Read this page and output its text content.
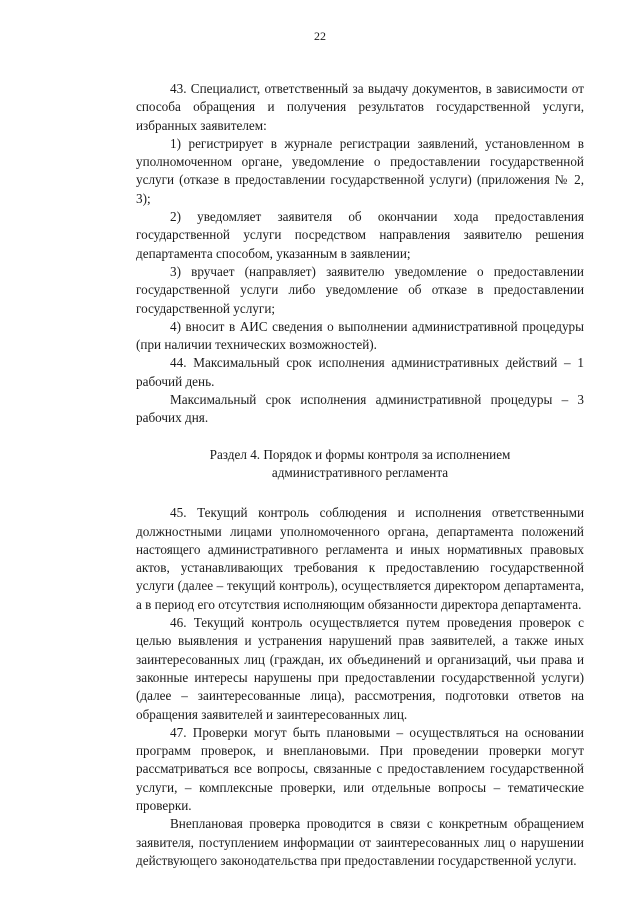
22

43. Специалист, ответственный за выдачу документов, в зависимости от способа обращения и получения результатов государственной услуги, избранных заявителем:

1) регистрирует в журнале регистрации заявлений, установленном в уполномоченном органе, уведомление о предоставлении государственной услуги (отказе в предоставлении государственной услуги) (приложения № 2, 3);

2) уведомляет заявителя об окончании хода предоставления государственной услуги посредством направления заявителю решения департамента способом, указанным в заявлении;

3) вручает (направляет) заявителю уведомление о предоставлении государственной услуги либо уведомление об отказе в предоставлении государственной услуги;

4) вносит в АИС сведения о выполнении административной процедуры (при наличии технических возможностей).

44. Максимальный срок исполнения административных действий – 1 рабочий день.

Максимальный срок исполнения административной процедуры – 3 рабочих дня.

Раздел 4. Порядок и формы контроля за исполнением
административного регламента

45. Текущий контроль соблюдения и исполнения ответственными должностными лицами уполномоченного органа, департамента положений настоящего административного регламента и иных нормативных правовых актов, устанавливающих требования к предоставлению государственной услуги (далее – текущий контроль), осуществляется директором департамента, а в период его отсутствия исполняющим обязанности директора департамента.

46. Текущий контроль осуществляется путем проведения проверок с целью выявления и устранения нарушений прав заявителей, а также иных заинтересованных лиц (граждан, их объединений и организаций, чьи права и законные интересы нарушены при предоставлении государственной услуги) (далее – заинтересованные лица), рассмотрения, подготовки ответов на обращения заявителей и заинтересованных лиц.

47. Проверки могут быть плановыми – осуществляться на основании программ проверок, и внеплановыми. При проведении проверки могут рассматриваться все вопросы, связанные с предоставлением государственной услуги, – комплексные проверки, или отдельные вопросы – тематические проверки.

Внеплановая проверка проводится в связи с конкретным обращением заявителя, поступлением информации от заинтересованных лиц о нарушении действующего законодательства при предоставлении государственной услуги.
